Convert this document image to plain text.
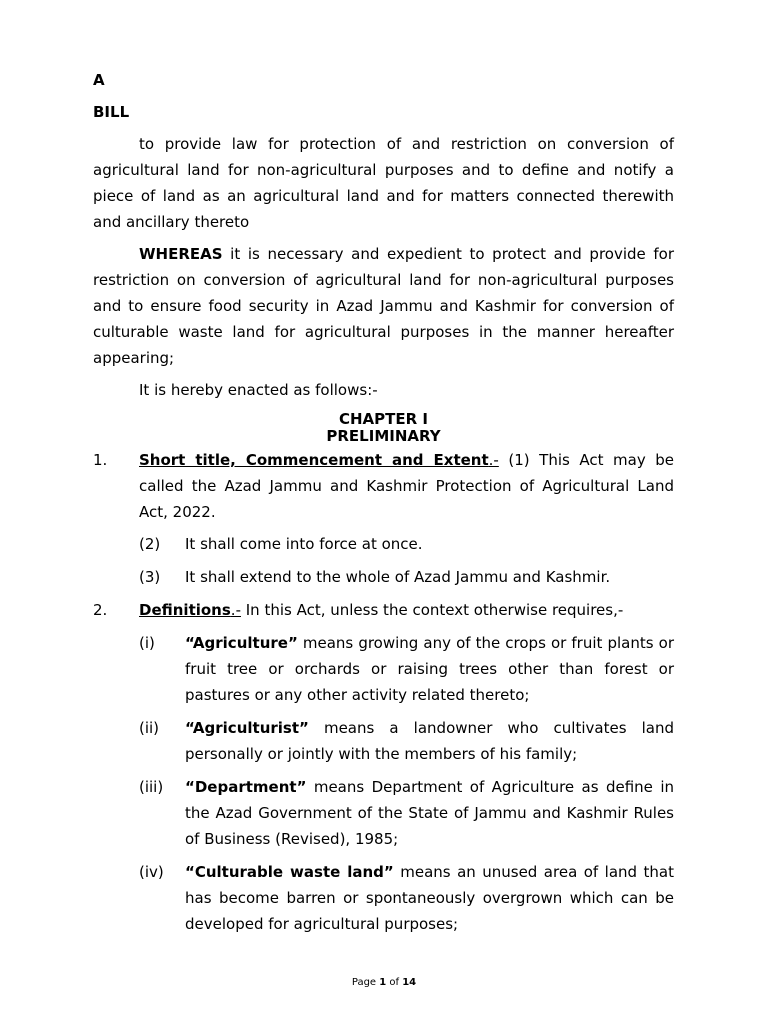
A
BILL
to provide law for protection of and restriction on conversion of agricultural land for non-agricultural purposes and to define and notify a piece of land as an agricultural land and for matters connected therewith and ancillary thereto
WHEREAS it is necessary and expedient to protect and provide for restriction on conversion of agricultural land for non-agricultural purposes and to ensure food security in Azad Jammu and Kashmir for conversion of culturable waste land for agricultural purposes in the manner hereafter appearing;
It is hereby enacted as follows:-
CHAPTER I
PRELIMINARY
1.	Short title, Commencement and Extent.- (1) This Act may be called the Azad Jammu and Kashmir Protection of Agricultural Land Act, 2022.
(2)	It shall come into force at once.
(3)	It shall extend to the whole of Azad Jammu and Kashmir.
2.	Definitions.- In this Act, unless the context otherwise requires,-
(i)	“Agriculture” means growing any of the crops or fruit plants or fruit tree or orchards or raising trees other than forest or pastures or any other activity related thereto;
(ii)	“Agriculturist” means a landowner who cultivates land personally or jointly with the members of his family;
(iii)	“Department” means Department of Agriculture as define in the Azad Government of the State of Jammu and Kashmir Rules of Business (Revised), 1985;
(iv)	“Culturable waste land” means an unused area of land that has become barren or spontaneously overgrown which can be developed for agricultural purposes;
Page 1 of 14
